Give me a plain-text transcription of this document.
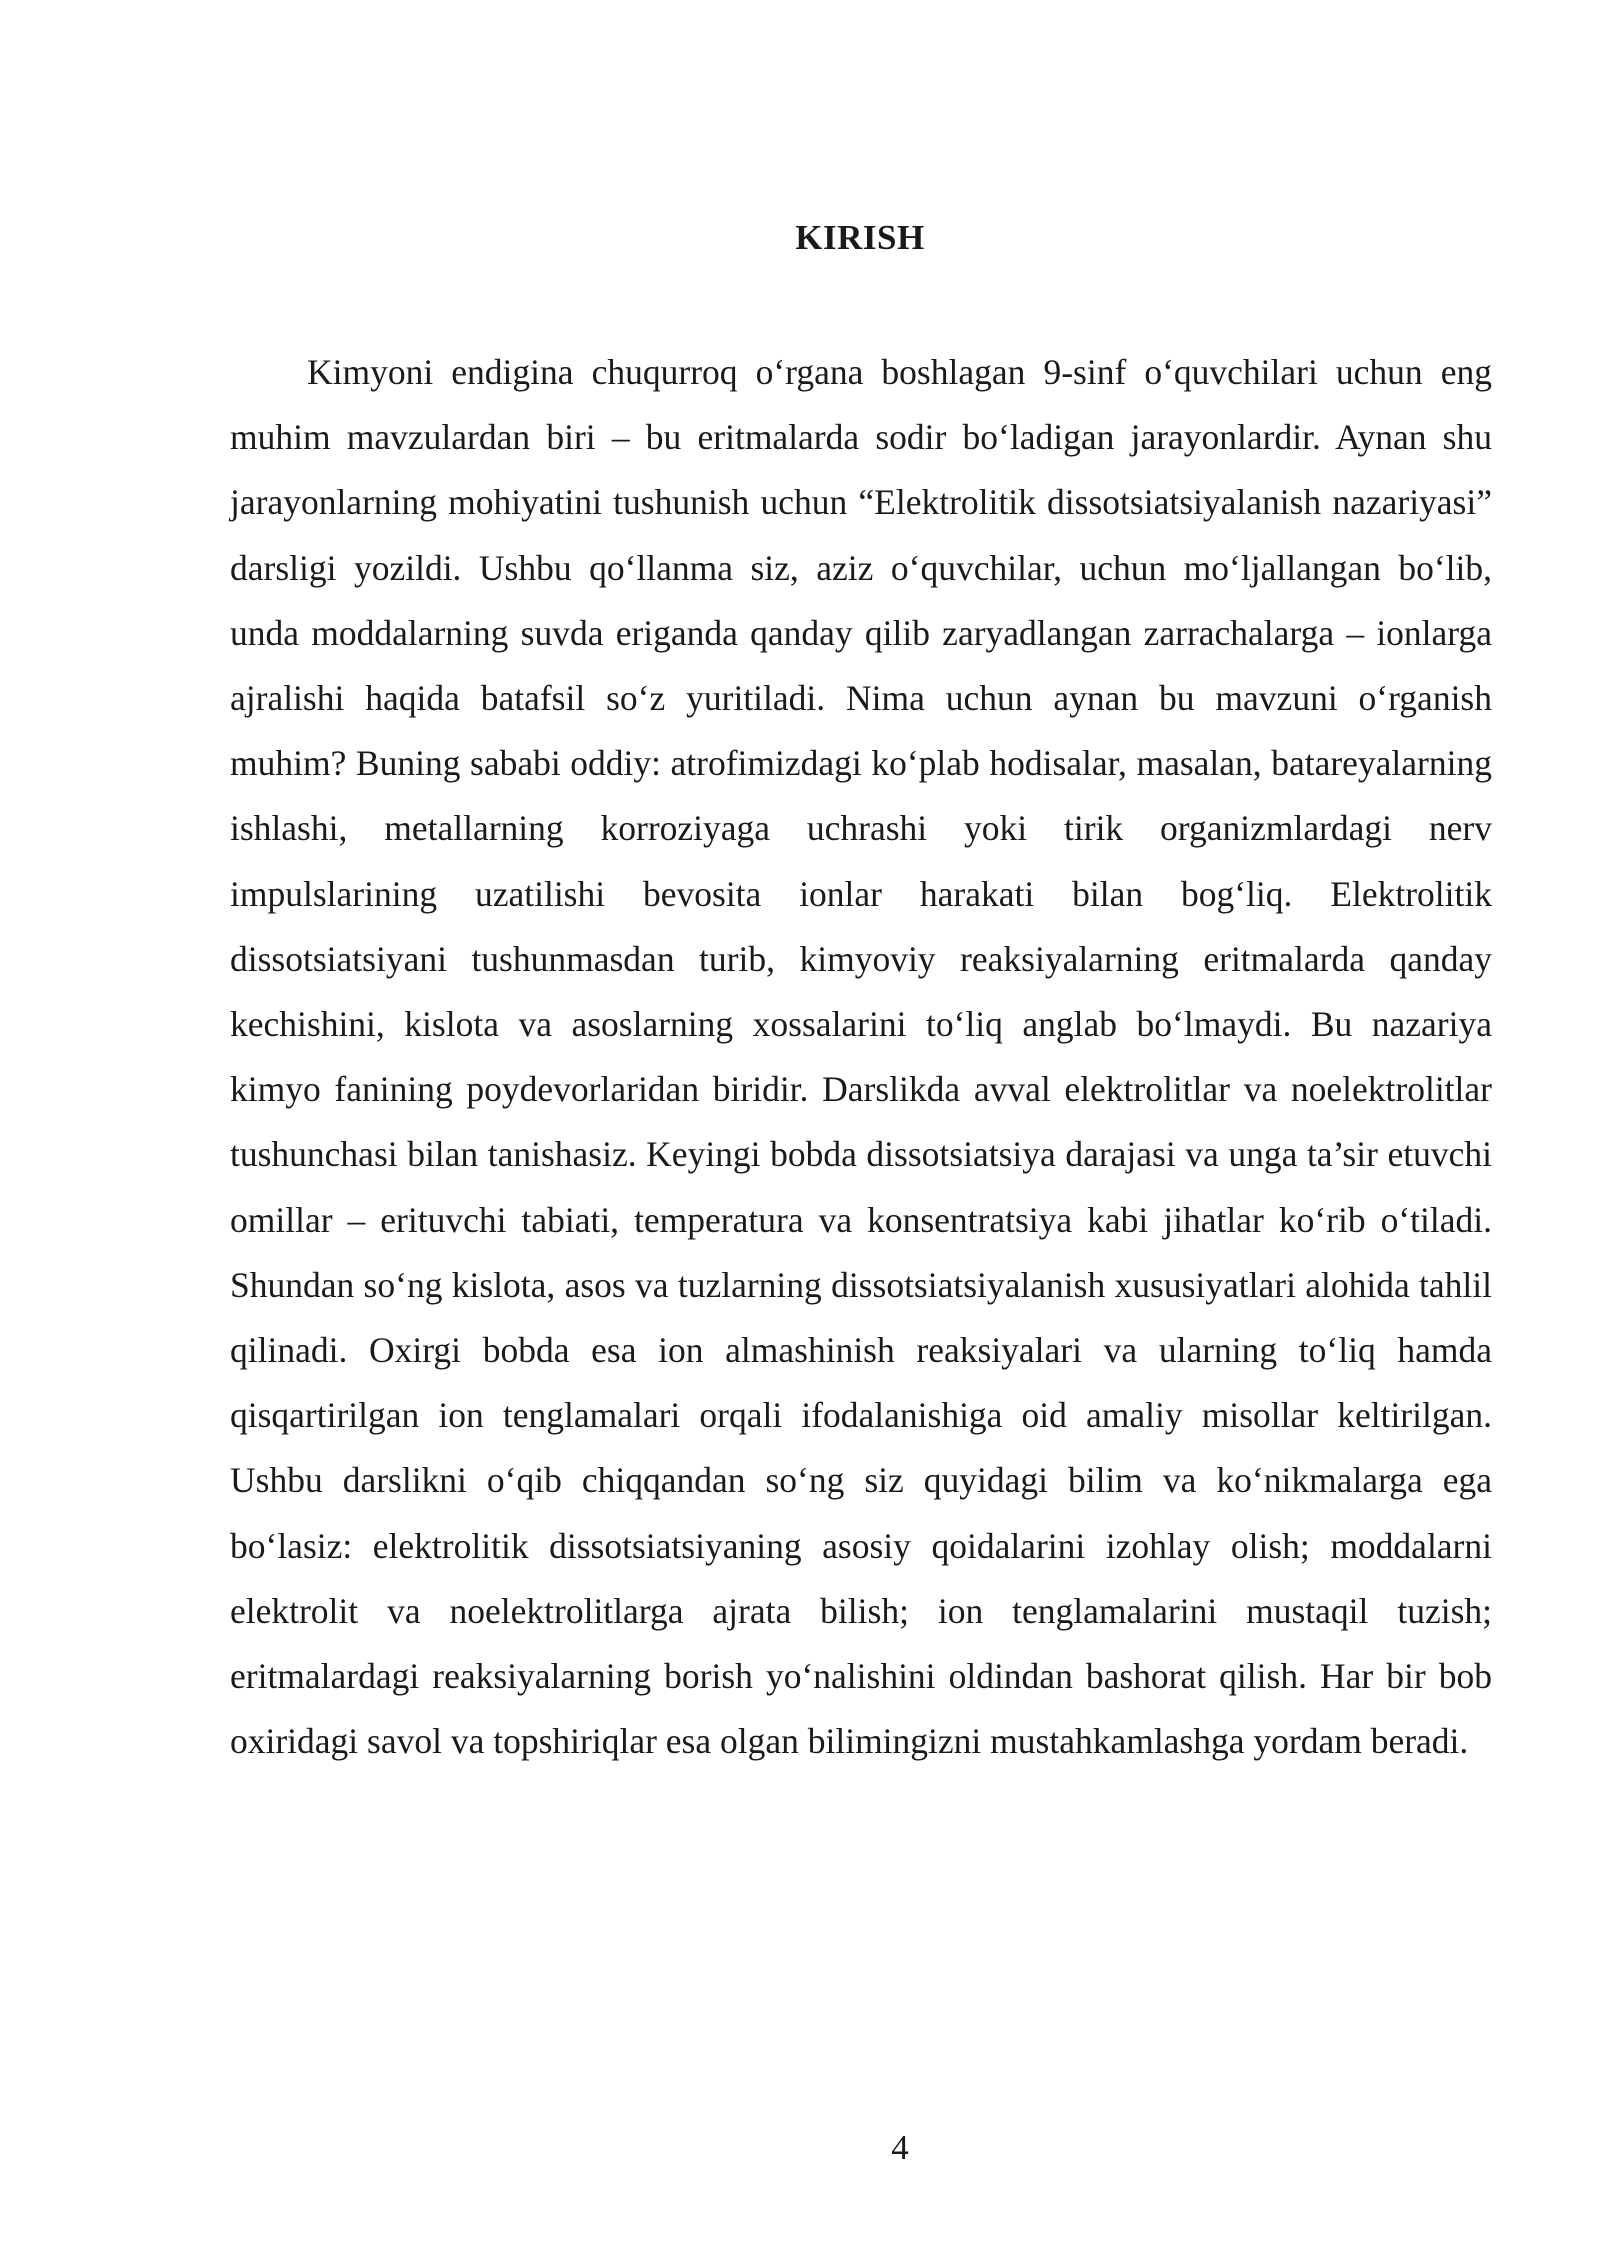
KIRISH

Kimyoni endigina chuqurroq o‘rgana boshlagan 9-sinf o‘quvchilari uchun eng muhim mavzulardan biri – bu eritmalarda sodir bo‘ladigan jarayonlardir. Aynan shu jarayonlarning mohiyatini tushunish uchun “Elektrolitik dissotsiatsiyalanish nazariyasi” darsligi yozildi. Ushbu qo‘llanma siz, aziz o‘quvchilar, uchun mo‘ljallangan bo‘lib, unda moddalarning suvda eriganda qanday qilib zaryadlangan zarrachalarga – ionlarga ajralishi haqida batafsil so‘z yuritiladi. Nima uchun aynan bu mavzuni o‘rganish muhim? Buning sababi oddiy: atrofimizdagi ko‘plab hodisalar, masalan, batareyalarning ishlashi, metallarning korroziyaga uchrashi yoki tirik organizmlardagi nerv impulslarining uzatilishi bevosita ionlar harakati bilan bog‘liq. Elektrolitik dissotsiatsiyani tushunmasdan turib, kimyoviy reaksiyalarning eritmalarda qanday kechishini, kislota va asoslarning xossalarini to‘liq anglab bo‘lmaydi. Bu nazariya kimyo fanining poydevorlaridan biridir. Darslikda avval elektrolitlar va noelektrolitlar tushunchasi bilan tanishasiz. Keyingi bobda dissotsiatsiya darajasi va unga ta’sir etuvchi omillar – erituvchi tabiati, temperatura va konsentratsiya kabi jihatlar ko‘rib o‘tiladi. Shundan so‘ng kislota, asos va tuzlarning dissotsiatsiyalanish xususiyatlari alohida tahlil qilinadi. Oxirgi bobda esa ion almashinish reaksiyalari va ularning to‘liq hamda qisqartirilgan ion tenglamalari orqali ifodalanishiga oid amaliy misollar keltirilgan. Ushbu darslikni o‘qib chiqqandan so‘ng siz quyidagi bilim va ko‘nikmalarga ega bo‘lasiz: elektrolitik dissotsiatsiyaning asosiy qoidalarini izohlay olish; moddalarni elektrolit va noelektrolitlarga ajrata bilish; ion tenglamalarini mustaqil tuzish; eritmalardagi reaksiyalarning borish yo‘nalishini oldindan bashorat qilish. Har bir bob oxiridagi savol va topshiriqlar esa olgan bilimingizni mustahkamlashga yordam beradi.

4
